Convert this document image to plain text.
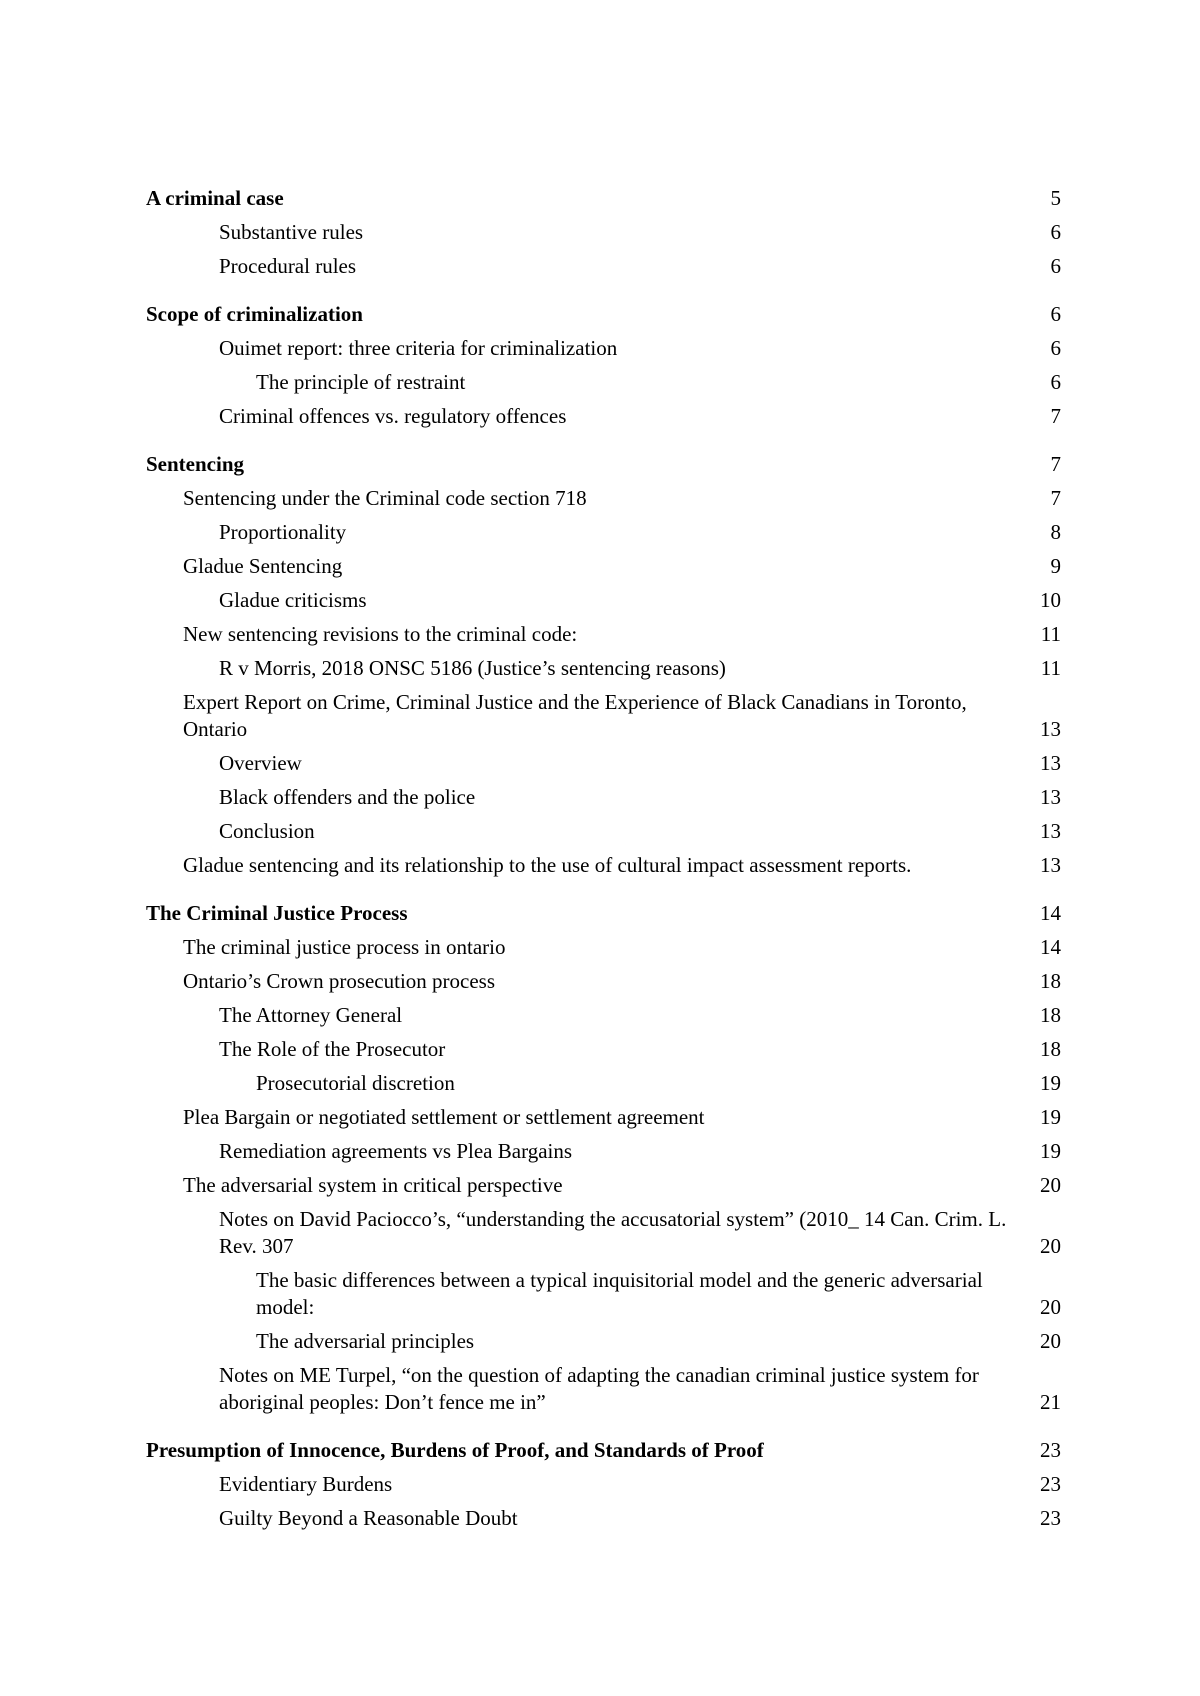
A criminal case	5
Substantive rules	6
Procedural rules	6
Scope of criminalization	6
Ouimet report: three criteria for criminalization	6
The principle of restraint	6
Criminal offences vs. regulatory offences	7
Sentencing	7
Sentencing under the Criminal code section 718	7
Proportionality	8
Gladue Sentencing	9
Gladue criticisms	10
New sentencing revisions to the criminal code:	11
R v Morris, 2018 ONSC 5186 (Justice’s sentencing reasons)	11
Expert Report on Crime, Criminal Justice and the Experience of Black Canadians in Toronto, Ontario	13
Overview	13
Black offenders and the police	13
Conclusion	13
Gladue sentencing and its relationship to the use of cultural impact assessment reports.	13
The Criminal Justice Process	14
The criminal justice process in ontario	14
Ontario’s Crown prosecution process	18
The Attorney General	18
The Role of the Prosecutor	18
Prosecutorial discretion	19
Plea Bargain or negotiated settlement or settlement agreement	19
Remediation agreements vs Plea Bargains	19
The adversarial system in critical perspective	20
Notes on David Paciocco’s, “understanding the accusatorial system” (2010_ 14 Can. Crim. L. Rev. 307	20
The basic differences between a typical inquisitorial model and the generic adversarial model:	20
The adversarial principles	20
Notes on ME Turpel, “on the question of adapting the canadian criminal justice system for aboriginal peoples: Don’t fence me in”	21
Presumption of Innocence, Burdens of Proof, and Standards of Proof	23
Evidentiary Burdens	23
Guilty Beyond a Reasonable Doubt	23
